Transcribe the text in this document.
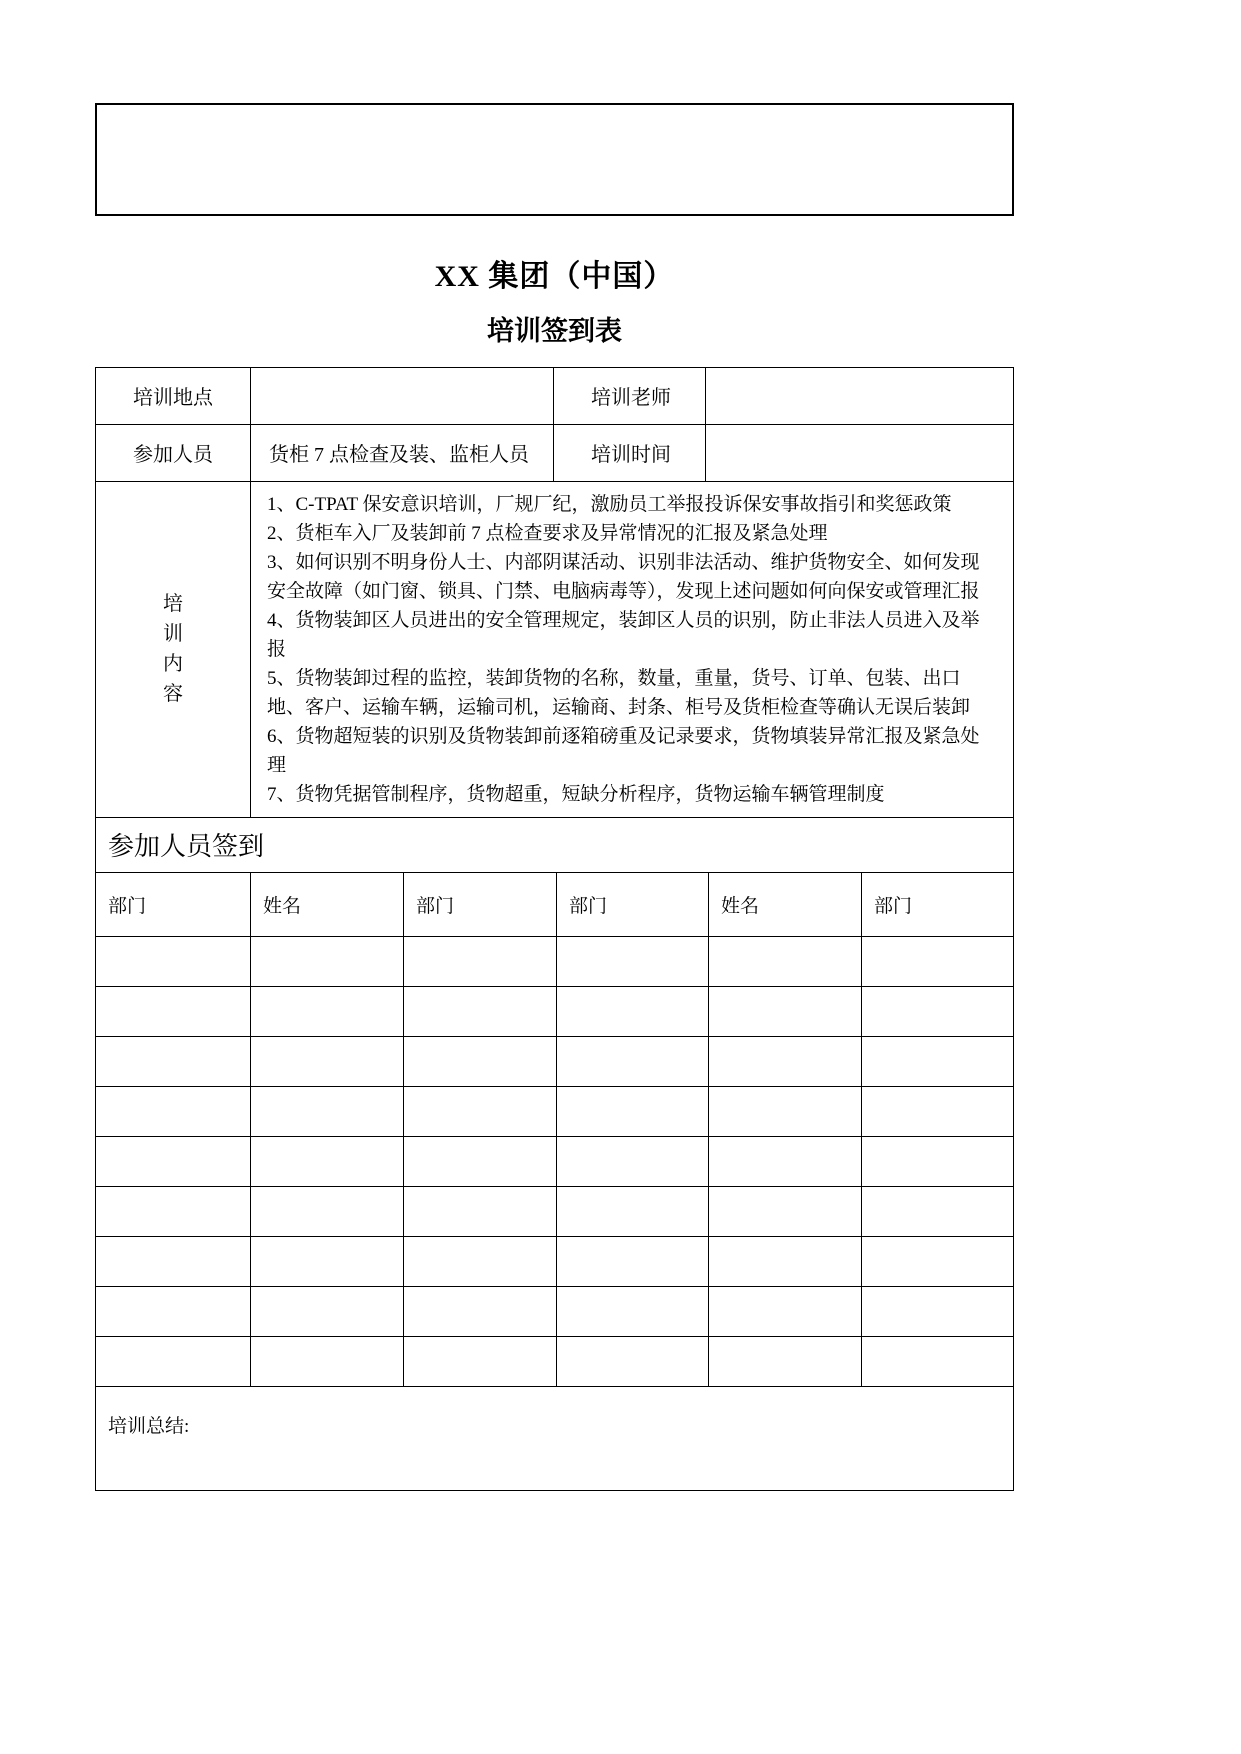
XX 集团（中国）
培训签到表
培训地点		培训老师	
参加人员	货柜 7 点检查及装、监柜人员	培训时间	

培
训
内
容

1、C-TPAT 保安意识培训，厂规厂纪，激励员工举报投诉保安事故指引和奖惩政策

2、货柜车入厂及装卸前 7 点检查要求及异常情况的汇报及紧急处理

3、如何识别不明身份人士、内部阴谋活动、识别非法活动、维护货物安全、如何发现安全故障（如门窗、锁具、门禁、电脑病毒等），发现上述问题如何向保安或管理汇报

4、货物装卸区人员进出的安全管理规定，装卸区人员的识别，防止非法人员进入及举报

5、货物装卸过程的监控，装卸货物的名称，数量，重量，货号、订单、包装、出口地、客户、运输车辆，运输司机，运输商、封条、柜号及货柜检查等确认无误后装卸

6、货物超短装的识别及货物装卸前逐箱磅重及记录要求，货物填装异常汇报及紧急处理

7、货物凭据管制程序，货物超重，短缺分析程序，货物运输车辆管理制度

参加人员签到
部门	姓名	部门	部门	姓名	部门

培训总结:
